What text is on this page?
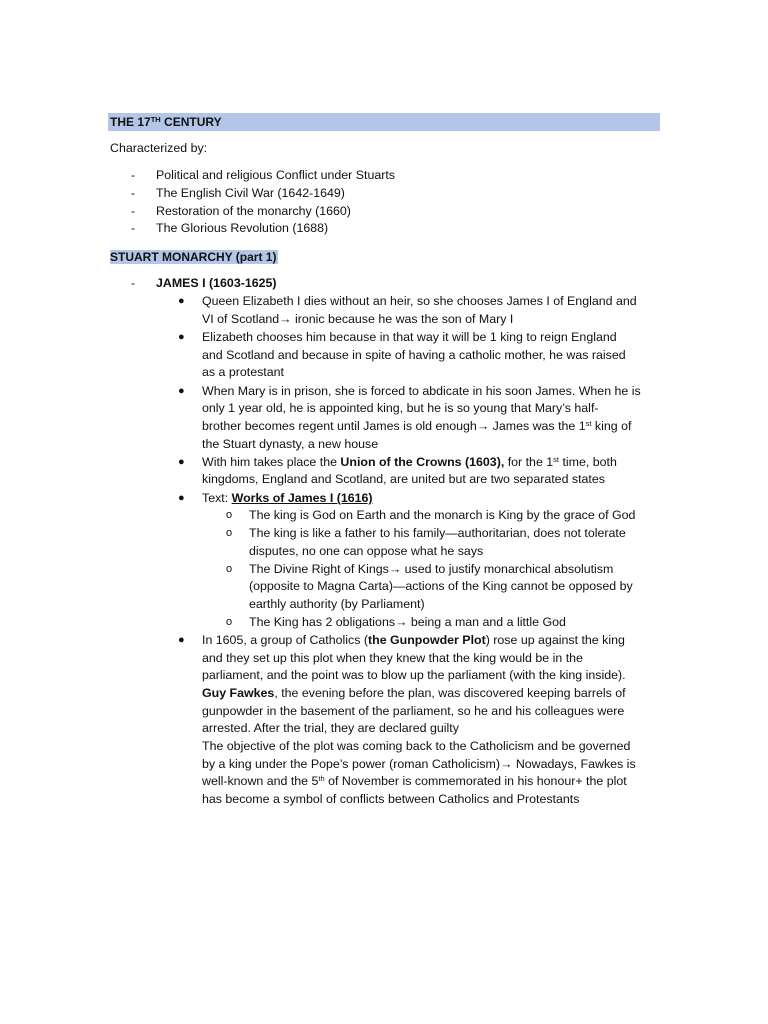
THE 17TH CENTURY
Characterized by:
- Political and religious Conflict under Stuarts
- The English Civil War (1642-1649)
- Restoration of the monarchy (1660)
- The Glorious Revolution (1688)
STUART MONARCHY (part 1)
- JAMES I (1603-1625)
● Queen Elizabeth I dies without an heir, so she chooses James I of England and
VI of Scotland→ ironic because he was the son of Mary I
● Elizabeth chooses him because in that way it will be 1 king to reign England
and Scotland and because in spite of having a catholic mother, he was raised
as a protestant
● When Mary is in prison, she is forced to abdicate in his soon James. When he is
only 1 year old, he is appointed king, but he is so young that Mary’s half-
brother becomes regent until James is old enough→ James was the 1st king of
the Stuart dynasty, a new house
● With him takes place the Union of the Crowns (1603), for the 1st time, both
kingdoms, England and Scotland, are united but are two separated states
● Text: Works of James I (1616)
o The king is God on Earth and the monarch is King by the grace of God
o The king is like a father to his family—authoritarian, does not tolerate
disputes, no one can oppose what he says
o The Divine Right of Kings→ used to justify monarchical absolutism
(opposite to Magna Carta)—actions of the King cannot be opposed by
earthly authority (by Parliament)
o The King has 2 obligations→ being a man and a little God
● In 1605, a group of Catholics (the Gunpowder Plot) rose up against the king
and they set up this plot when they knew that the king would be in the
parliament, and the point was to blow up the parliament (with the king inside).
Guy Fawkes, the evening before the plan, was discovered keeping barrels of
gunpowder in the basement of the parliament, so he and his colleagues were
arrested. After the trial, they are declared guilty
The objective of the plot was coming back to the Catholicism and be governed
by a king under the Pope’s power (roman Catholicism)→ Nowadays, Fawkes is
well-known and the 5th of November is commemorated in his honour+ the plot
has become a symbol of conflicts between Catholics and Protestants
